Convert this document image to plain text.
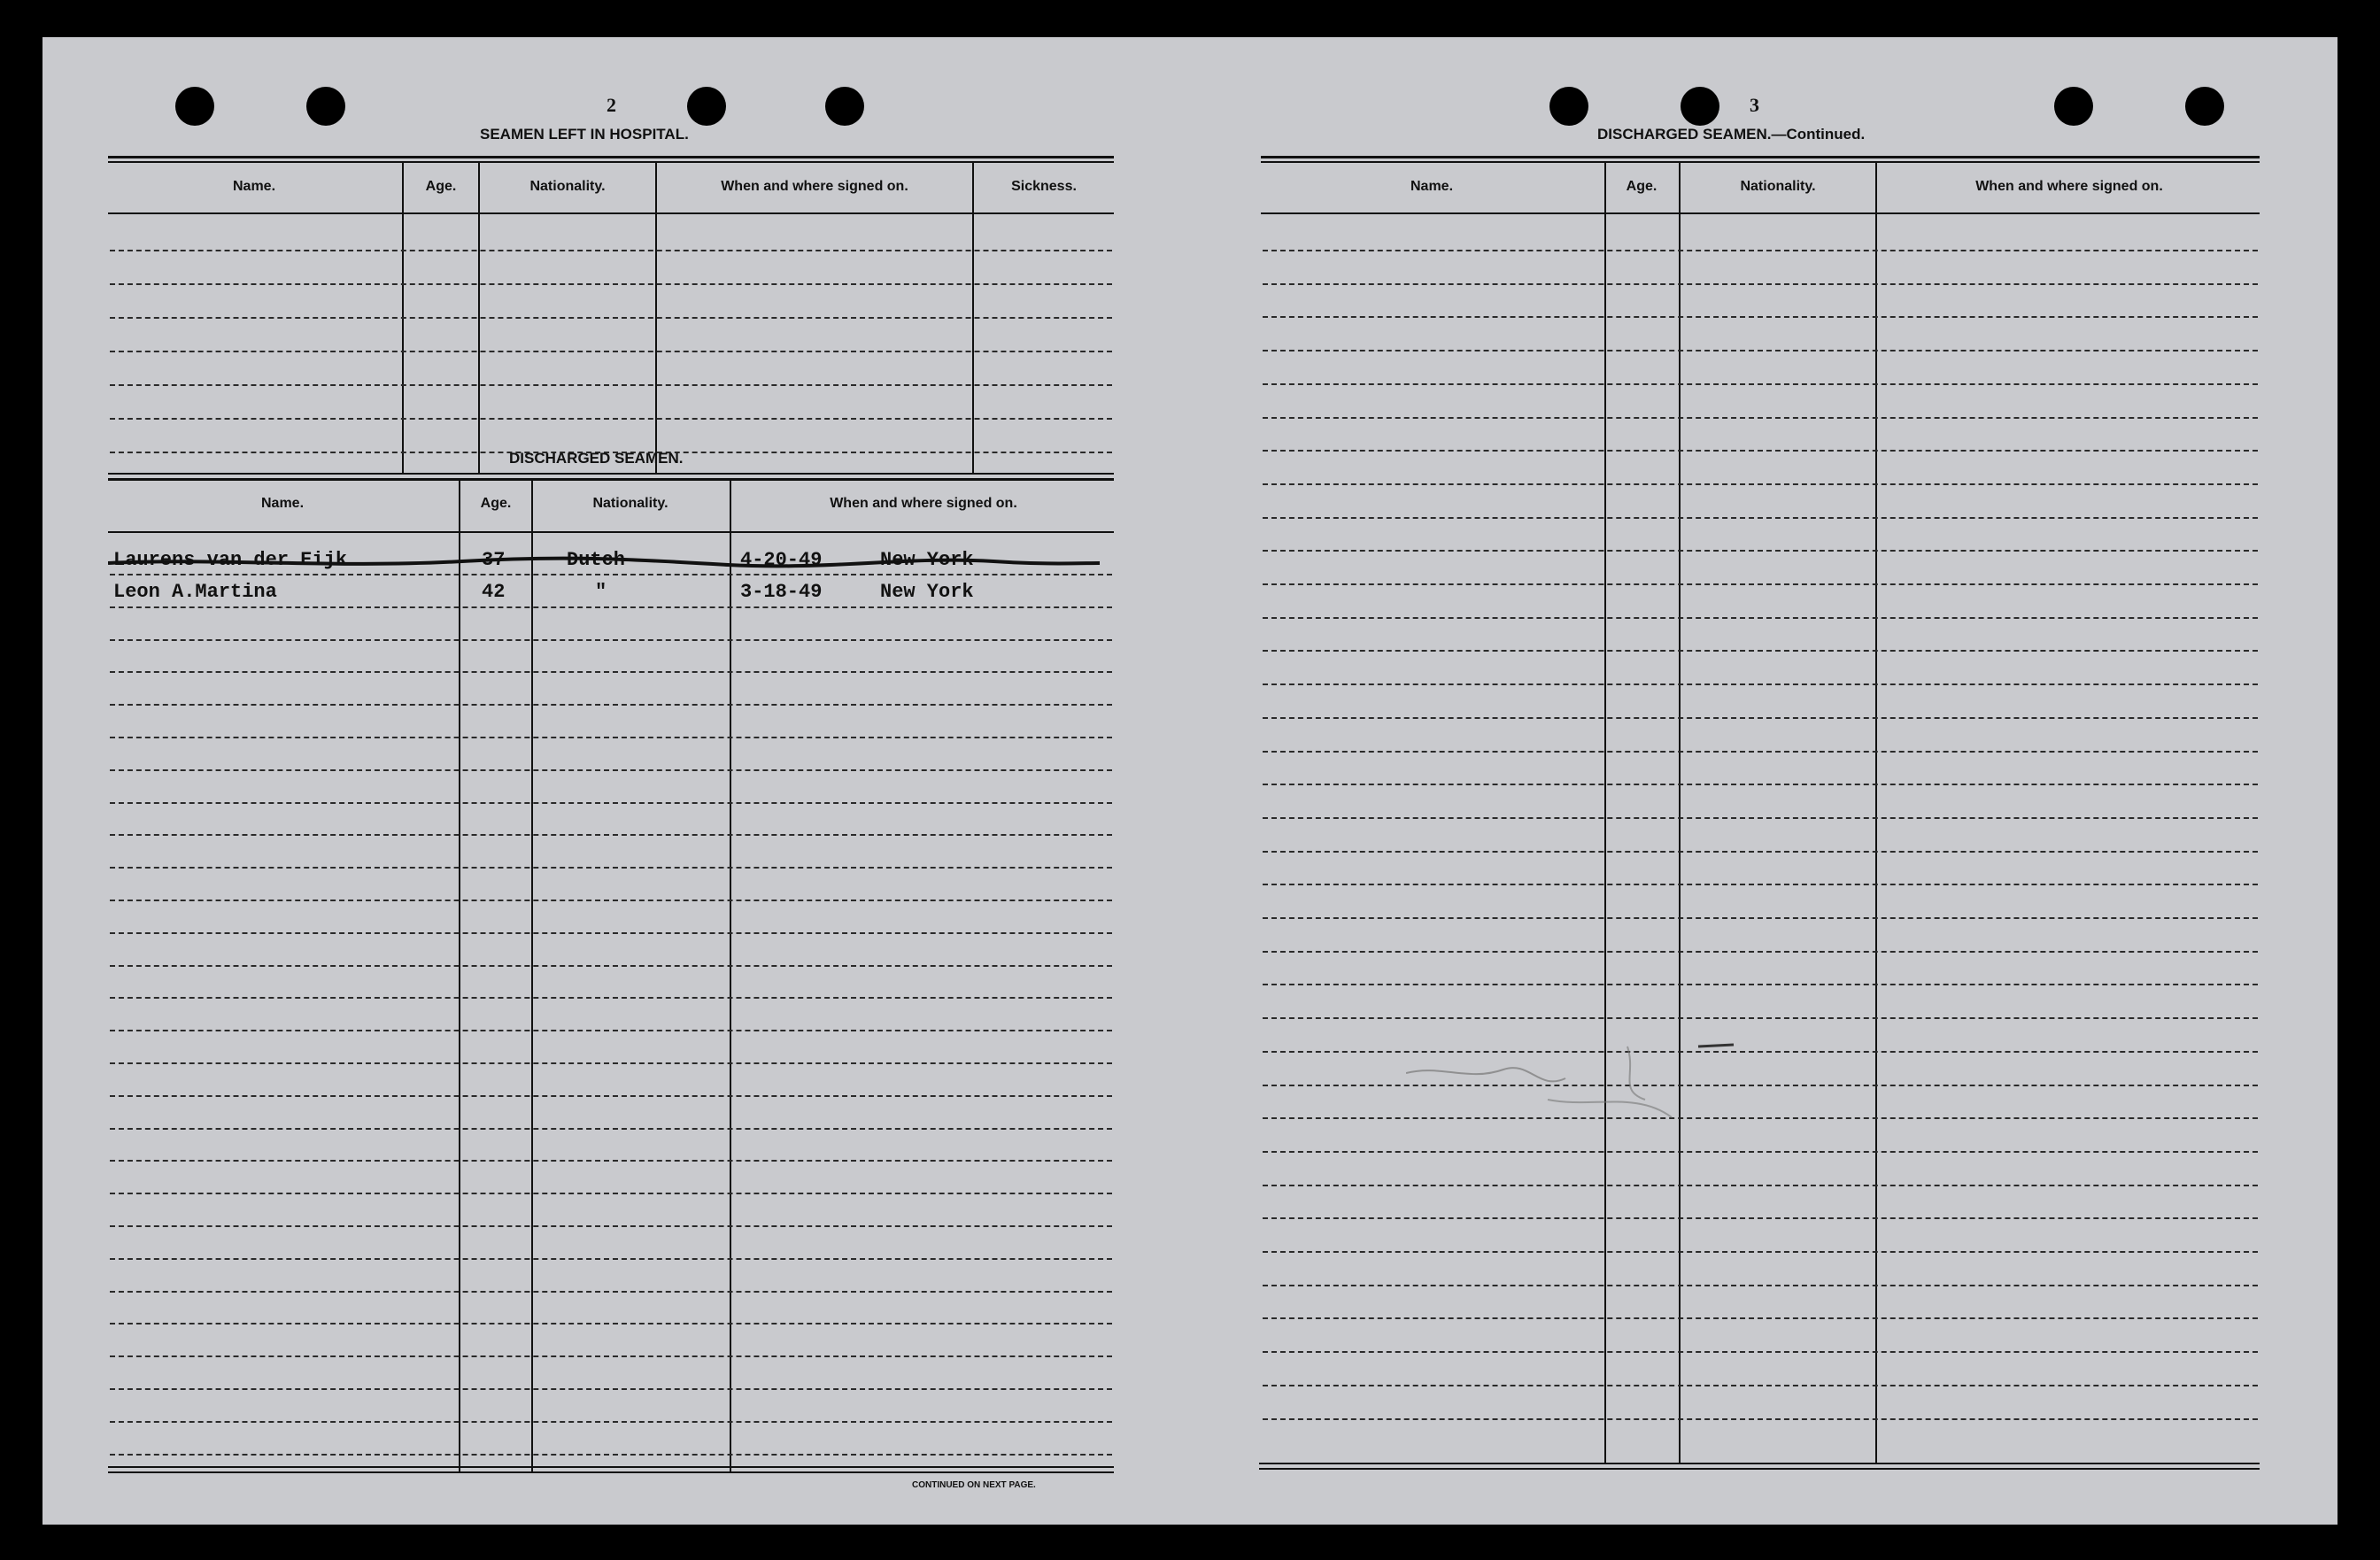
2
SEAMEN LEFT IN HOSPITAL.
Name.	Age.	Nationality.	When and where signed on.	Sickness.
DISCHARGED SEAMEN.
Name.	Age.	Nationality.	When and where signed on.
Laurens van der Eijk	37	Dutch	4-20-49	New York
Leon A.Martina	42	"	3-18-49	New York
CONTINUED ON NEXT PAGE.
3
DISCHARGED SEAMEN.—Continued.
Name.	Age.	Nationality.	When and where signed on.
